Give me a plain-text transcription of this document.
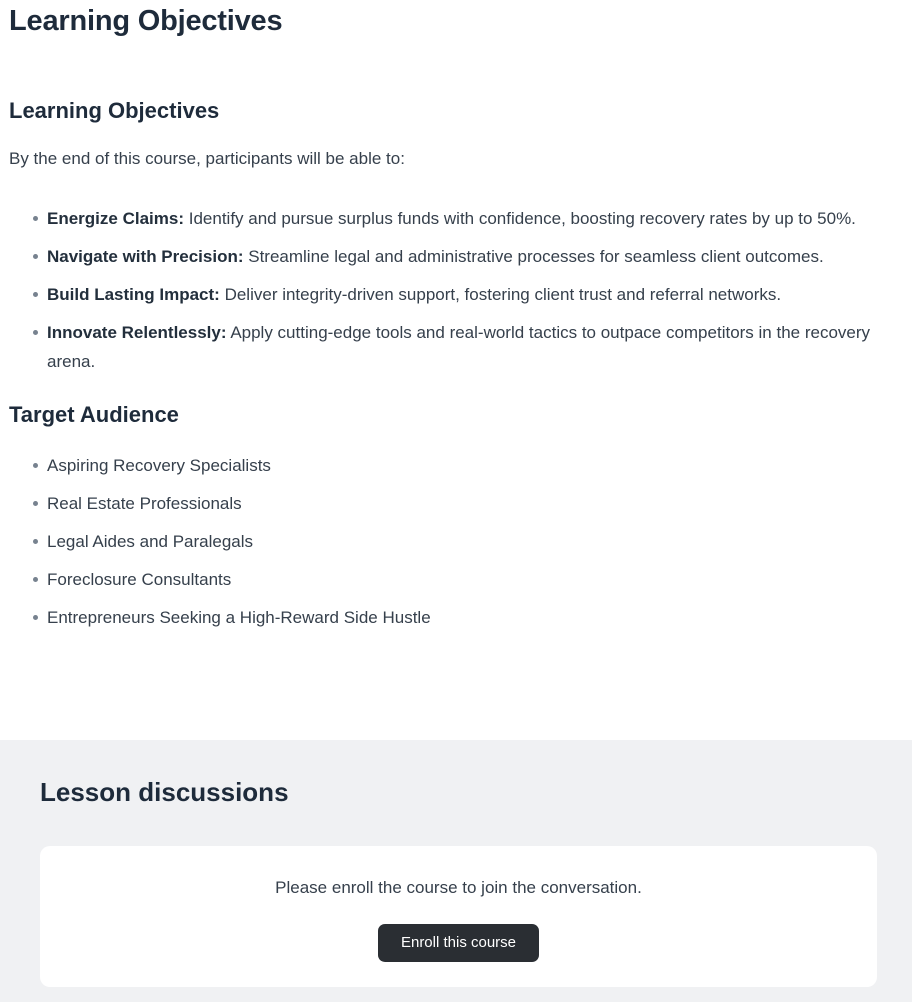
Learning Objectives
Learning Objectives

By the end of this course, participants will be able to:

Energize Claims: Identify and pursue surplus funds with confidence, boosting recovery rates by up to 50%.
Navigate with Precision: Streamline legal and administrative processes for seamless client outcomes.
Build Lasting Impact: Deliver integrity-driven support, fostering client trust and referral networks.
Innovate Relentlessly: Apply cutting-edge tools and real-world tactics to outpace competitors in the recovery arena.
Target Audience
Aspiring Recovery Specialists
Real Estate Professionals
Legal Aides and Paralegals
Foreclosure Consultants
Entrepreneurs Seeking a High-Reward Side Hustle
Lesson discussions

Please enroll the course to join the conversation.

Enroll this course
